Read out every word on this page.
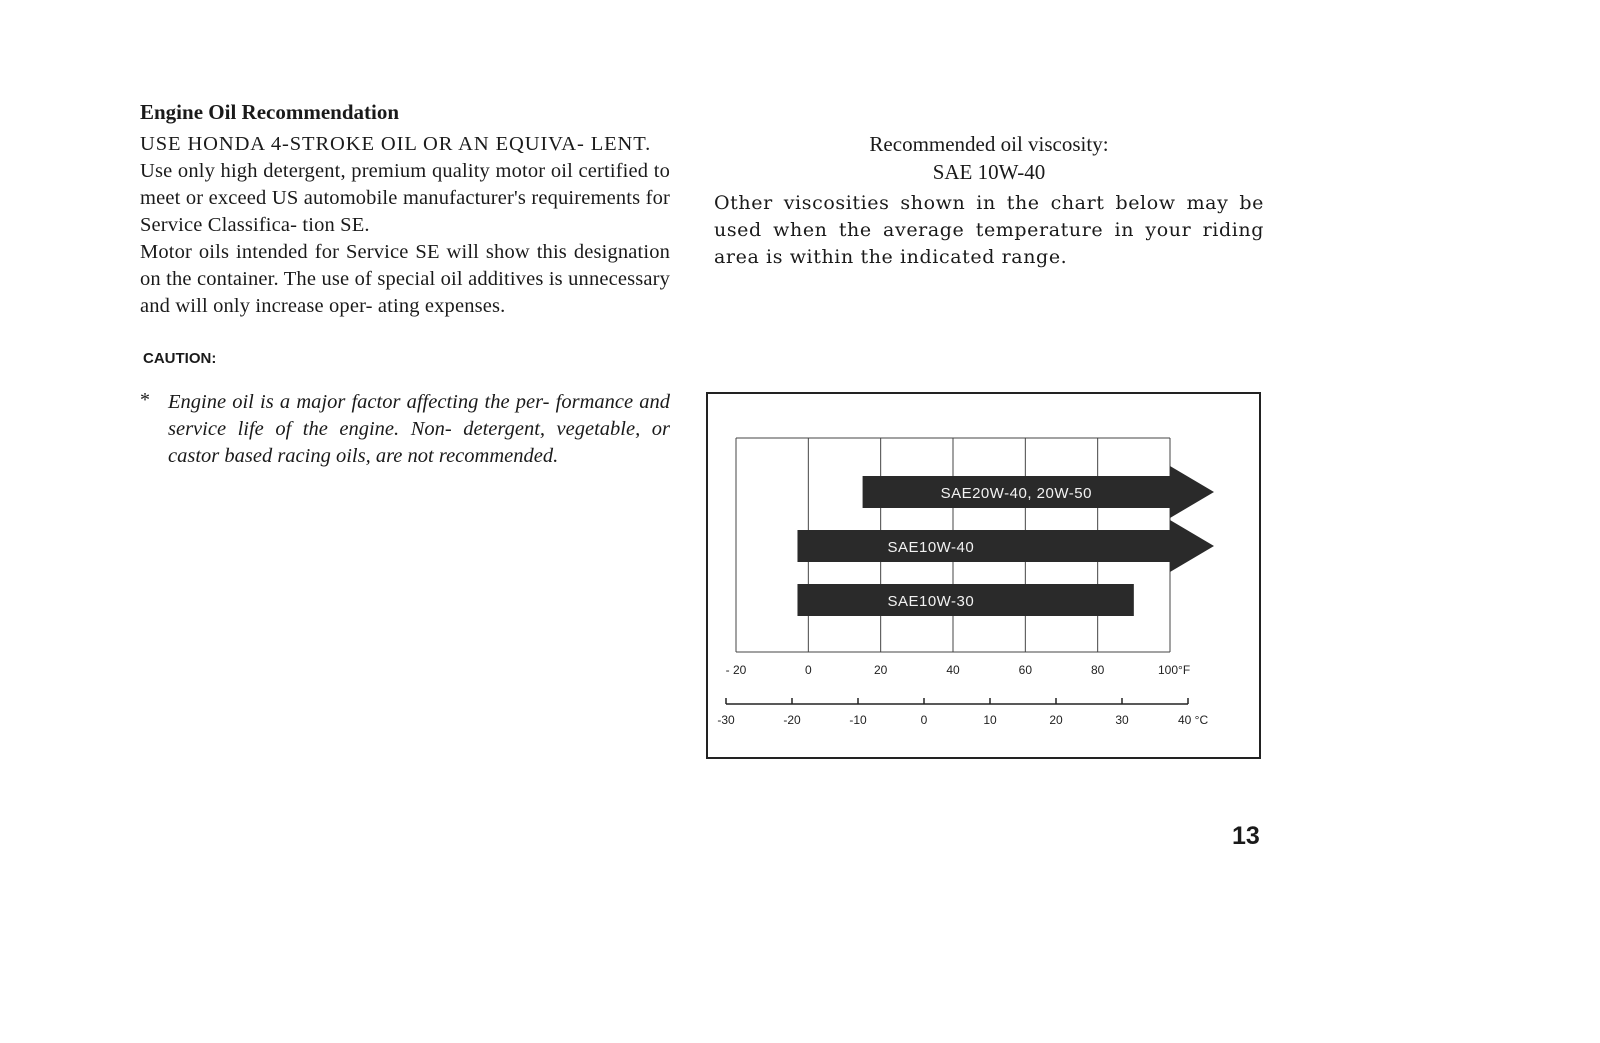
Engine Oil Recommendation

USE HONDA 4-STROKE OIL OR AN EQUIVA- LENT.

Use only high detergent, premium quality motor oil certified to meet or exceed US automobile manufacturer's requirements for Service Classifica- tion SE.

Motor oils intended for Service SE will show this designation on the container. The use of special oil additives is unnecessary and will only increase oper- ating expenses.

CAUTION:
* Engine oil is a major factor affecting the per- formance and service life of the engine. Non- detergent, vegetable, or castor based racing oils, are not recommended.

Recommended oil viscosity:
SAE 10W-40

Other viscosities shown in the chart below may be used when the average temperature in your riding area is within the indicated range.

SAE20W-40, 20W-50
SAE10W-40
SAE10W-30
- 20	0	20	40	60	80	100°F
-30	-20	-10	0	10	20	30	40 °C
13
